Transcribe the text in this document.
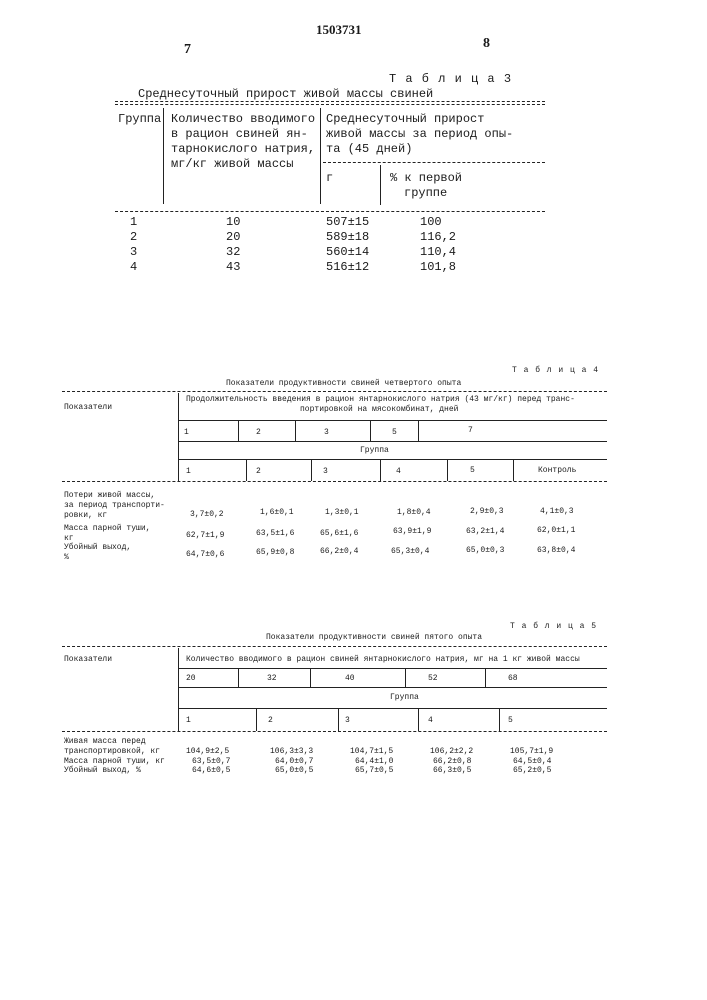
1503731
7	8
Т а б л и ц а 3
Среднесуточный прирост живой массы свиней
Группа Количество вводимого
в рацион свиней ян-
тарнокислого натрия,
мг/кг живой массы
Среднесуточный прирост
живой массы за период опы-
та (45 дней)
г	% к первой
группе
1
2
3
4
10
20
32
43
507±15
589±18
560±14
516±12
100
116,2
110,4
101,8
Т а б л и ц а 4
Показатели продуктивности свиней четвертого опыта
Показатели
Продолжительность введения в рацион янтарнокислого натрия (43 мг/кг) перед транс-
портировкой на мясокомбинат, дней
1	2	3	5	7
Группа
1	2	3	4	5	Контроль
Потери живой массы,
за период транспорти-
ровки, кг
Масса парной туши,
кг
Убойный выход,
%
3,7±0,2	1,6±0,1	1,3±0,1	1,8±0,4	2,9±0,3	4,1±0,3
62,7±1,9	63,5±1,6	65,6±1,6	63,9±1,9	63,2±1,4	62,0±1,1
64,7±0,6	65,9±0,8	66,2±0,4	65,3±0,4	65,0±0,3	63,8±0,4
Т а б л и ц а 5
Показатели продуктивности свиней пятого опыта
Показатели	Количество вводимого в рацион свиней янтарнокислого натрия, мг на 1 кг живой массы
20	32	40	52	68
Группа
1	2	3	4	5
Живая масса перед
транспортировкой, кг
Масса парной туши, кг
Убойный выход, %
104,9±2,5	106,3±3,3	104,7±1,5	106,2±2,2	105,7±1,9
63,5±0,7	64,0±0,7	64,4±1,0	66,2±0,8	64,5±0,4
64,6±0,5	65,0±0,5	65,7±0,5	66,3±0,5	65,2±0,5
